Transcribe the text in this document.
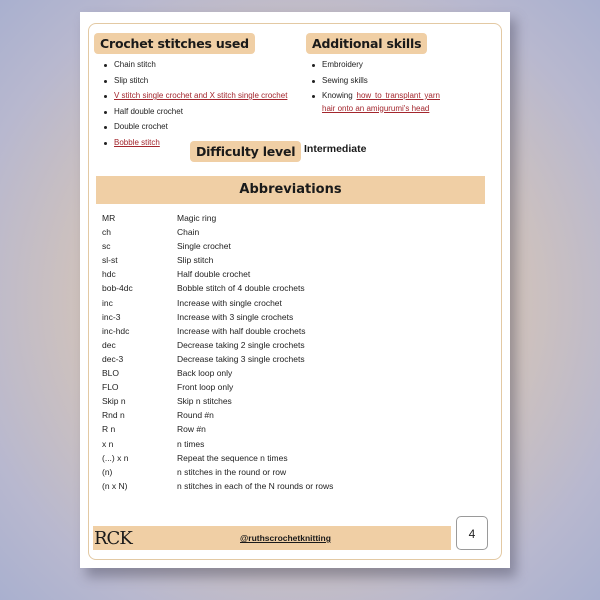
Crochet stitches used
Chain stitch
Slip stitch
V stitch single crochet and X stitch single crochet
Half double crochet
Double crochet
Bobble stitch
Additional skills
Embroidery
Sewing skills
Knowing how to transplant yarn hair onto an amigurumi's head
Difficulty level Intermediate
Abbreviations
MR	Magic ring
ch	Chain
sc	Single crochet
sl-st	Slip stitch
hdc	Half double crochet
bob-4dc	Bobble stitch of 4 double crochets
inc	Increase with single crochet
inc-3	Increase with 3 single crochets
inc-hdc	Increase with half double crochets
dec	Decrease taking 2 single crochets
dec-3	Decrease taking 3 single crochets
BLO	Back loop only
FLO	Front loop only
Skip n	Skip n stitches
Rnd n	Round #n
R n	Row #n
x n	n times
(...) x n	Repeat the sequence n times
(n)	n stitches in the round or row
(n x N)	n stitches in each of the N rounds or rows
RCK	@ruthscrochetknitting	4
